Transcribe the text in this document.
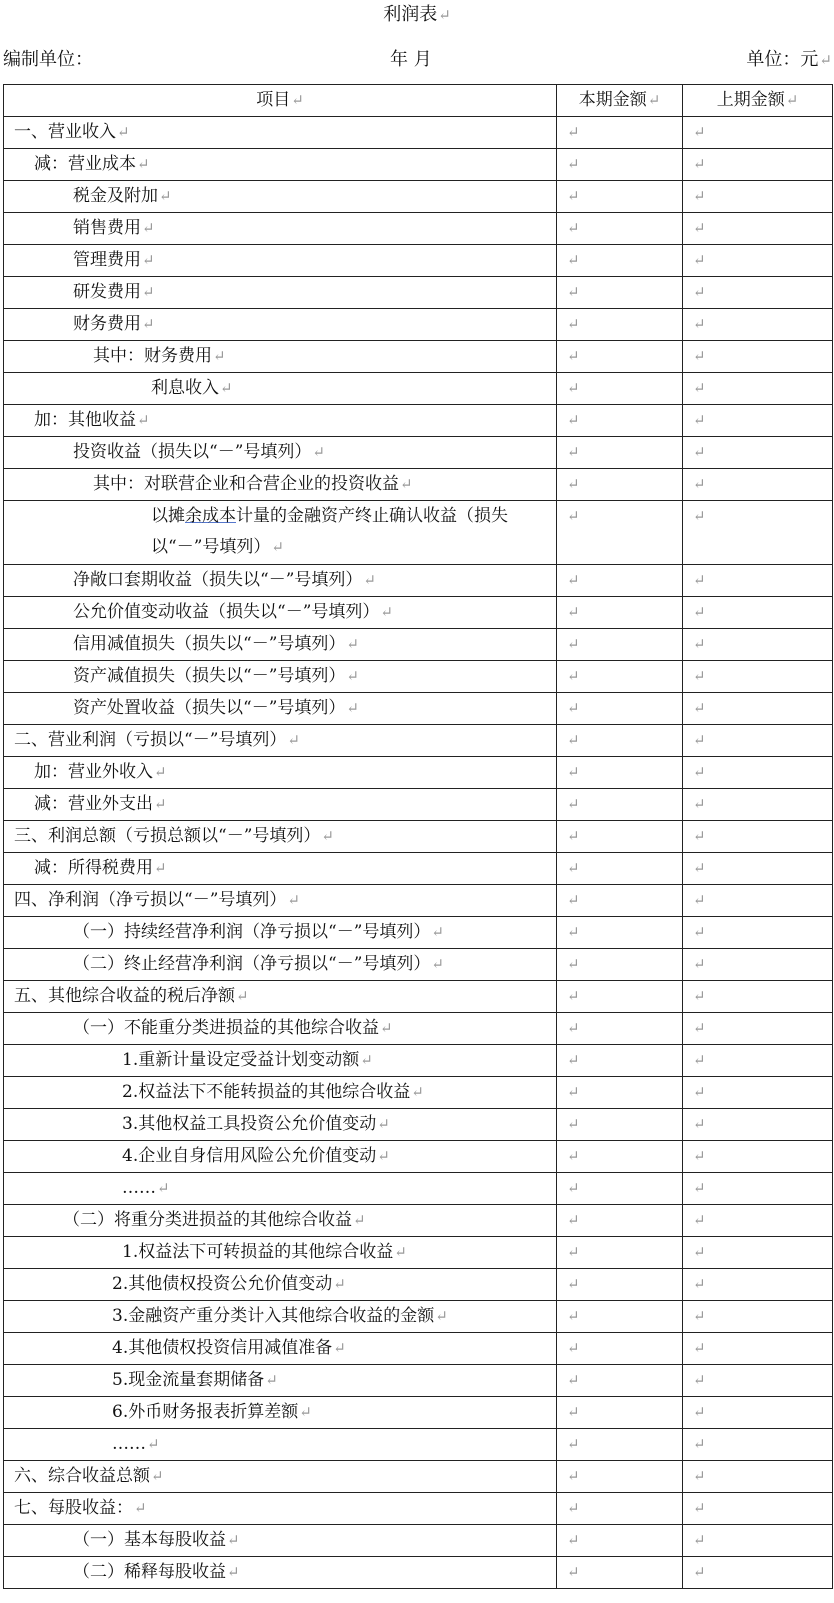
利润表↵
编制单位：	年 月	单位：元↵
项目↵	本期金额↵	上期金额↵
一、营业收入↵	↵	↵
减：营业成本↵	↵	↵
税金及附加↵	↵	↵
销售费用↵	↵	↵
管理费用↵	↵	↵
研发费用↵	↵	↵
财务费用↵	↵	↵
其中：财务费用↵	↵	↵
利息收入↵	↵	↵
加：其他收益↵	↵	↵
投资收益（损失以“－”号填列）↵	↵	↵
其中：对联营企业和合营企业的投资收益↵	↵	↵
以摊余成本计量的金融资产终止确认收益（损失以“－”号填列）↵	↵	↵
净敞口套期收益（损失以“－”号填列）↵	↵	↵
公允价值变动收益（损失以“－”号填列）↵	↵	↵
信用减值损失（损失以“－”号填列）↵	↵	↵
资产减值损失（损失以“－”号填列）↵	↵	↵
资产处置收益（损失以“－”号填列）↵	↵	↵
二、营业利润（亏损以“－”号填列）↵	↵	↵
加：营业外收入↵	↵	↵
减：营业外支出↵	↵	↵
三、利润总额（亏损总额以“－”号填列）↵	↵	↵
减：所得税费用↵	↵	↵
四、净利润（净亏损以“－”号填列）↵	↵	↵
（一）持续经营净利润（净亏损以“－”号填列）↵	↵	↵
（二）终止经营净利润（净亏损以“－”号填列）↵	↵	↵
五、其他综合收益的税后净额↵	↵	↵
（一）不能重分类进损益的其他综合收益↵	↵	↵
1.重新计量设定受益计划变动额↵	↵	↵
2.权益法下不能转损益的其他综合收益↵	↵	↵
3.其他权益工具投资公允价值变动↵	↵	↵
4.企业自身信用风险公允价值变动↵	↵	↵
……↵	↵	↵
（二）将重分类进损益的其他综合收益↵	↵	↵
1.权益法下可转损益的其他综合收益↵	↵	↵
2.其他债权投资公允价值变动↵	↵	↵
3.金融资产重分类计入其他综合收益的金额↵	↵	↵
4.其他债权投资信用减值准备↵	↵	↵
5.现金流量套期储备↵	↵	↵
6.外币财务报表折算差额↵	↵	↵
……↵	↵	↵
六、综合收益总额↵	↵	↵
七、每股收益：↵	↵	↵
（一）基本每股收益↵	↵	↵
（二）稀释每股收益↵	↵	↵
